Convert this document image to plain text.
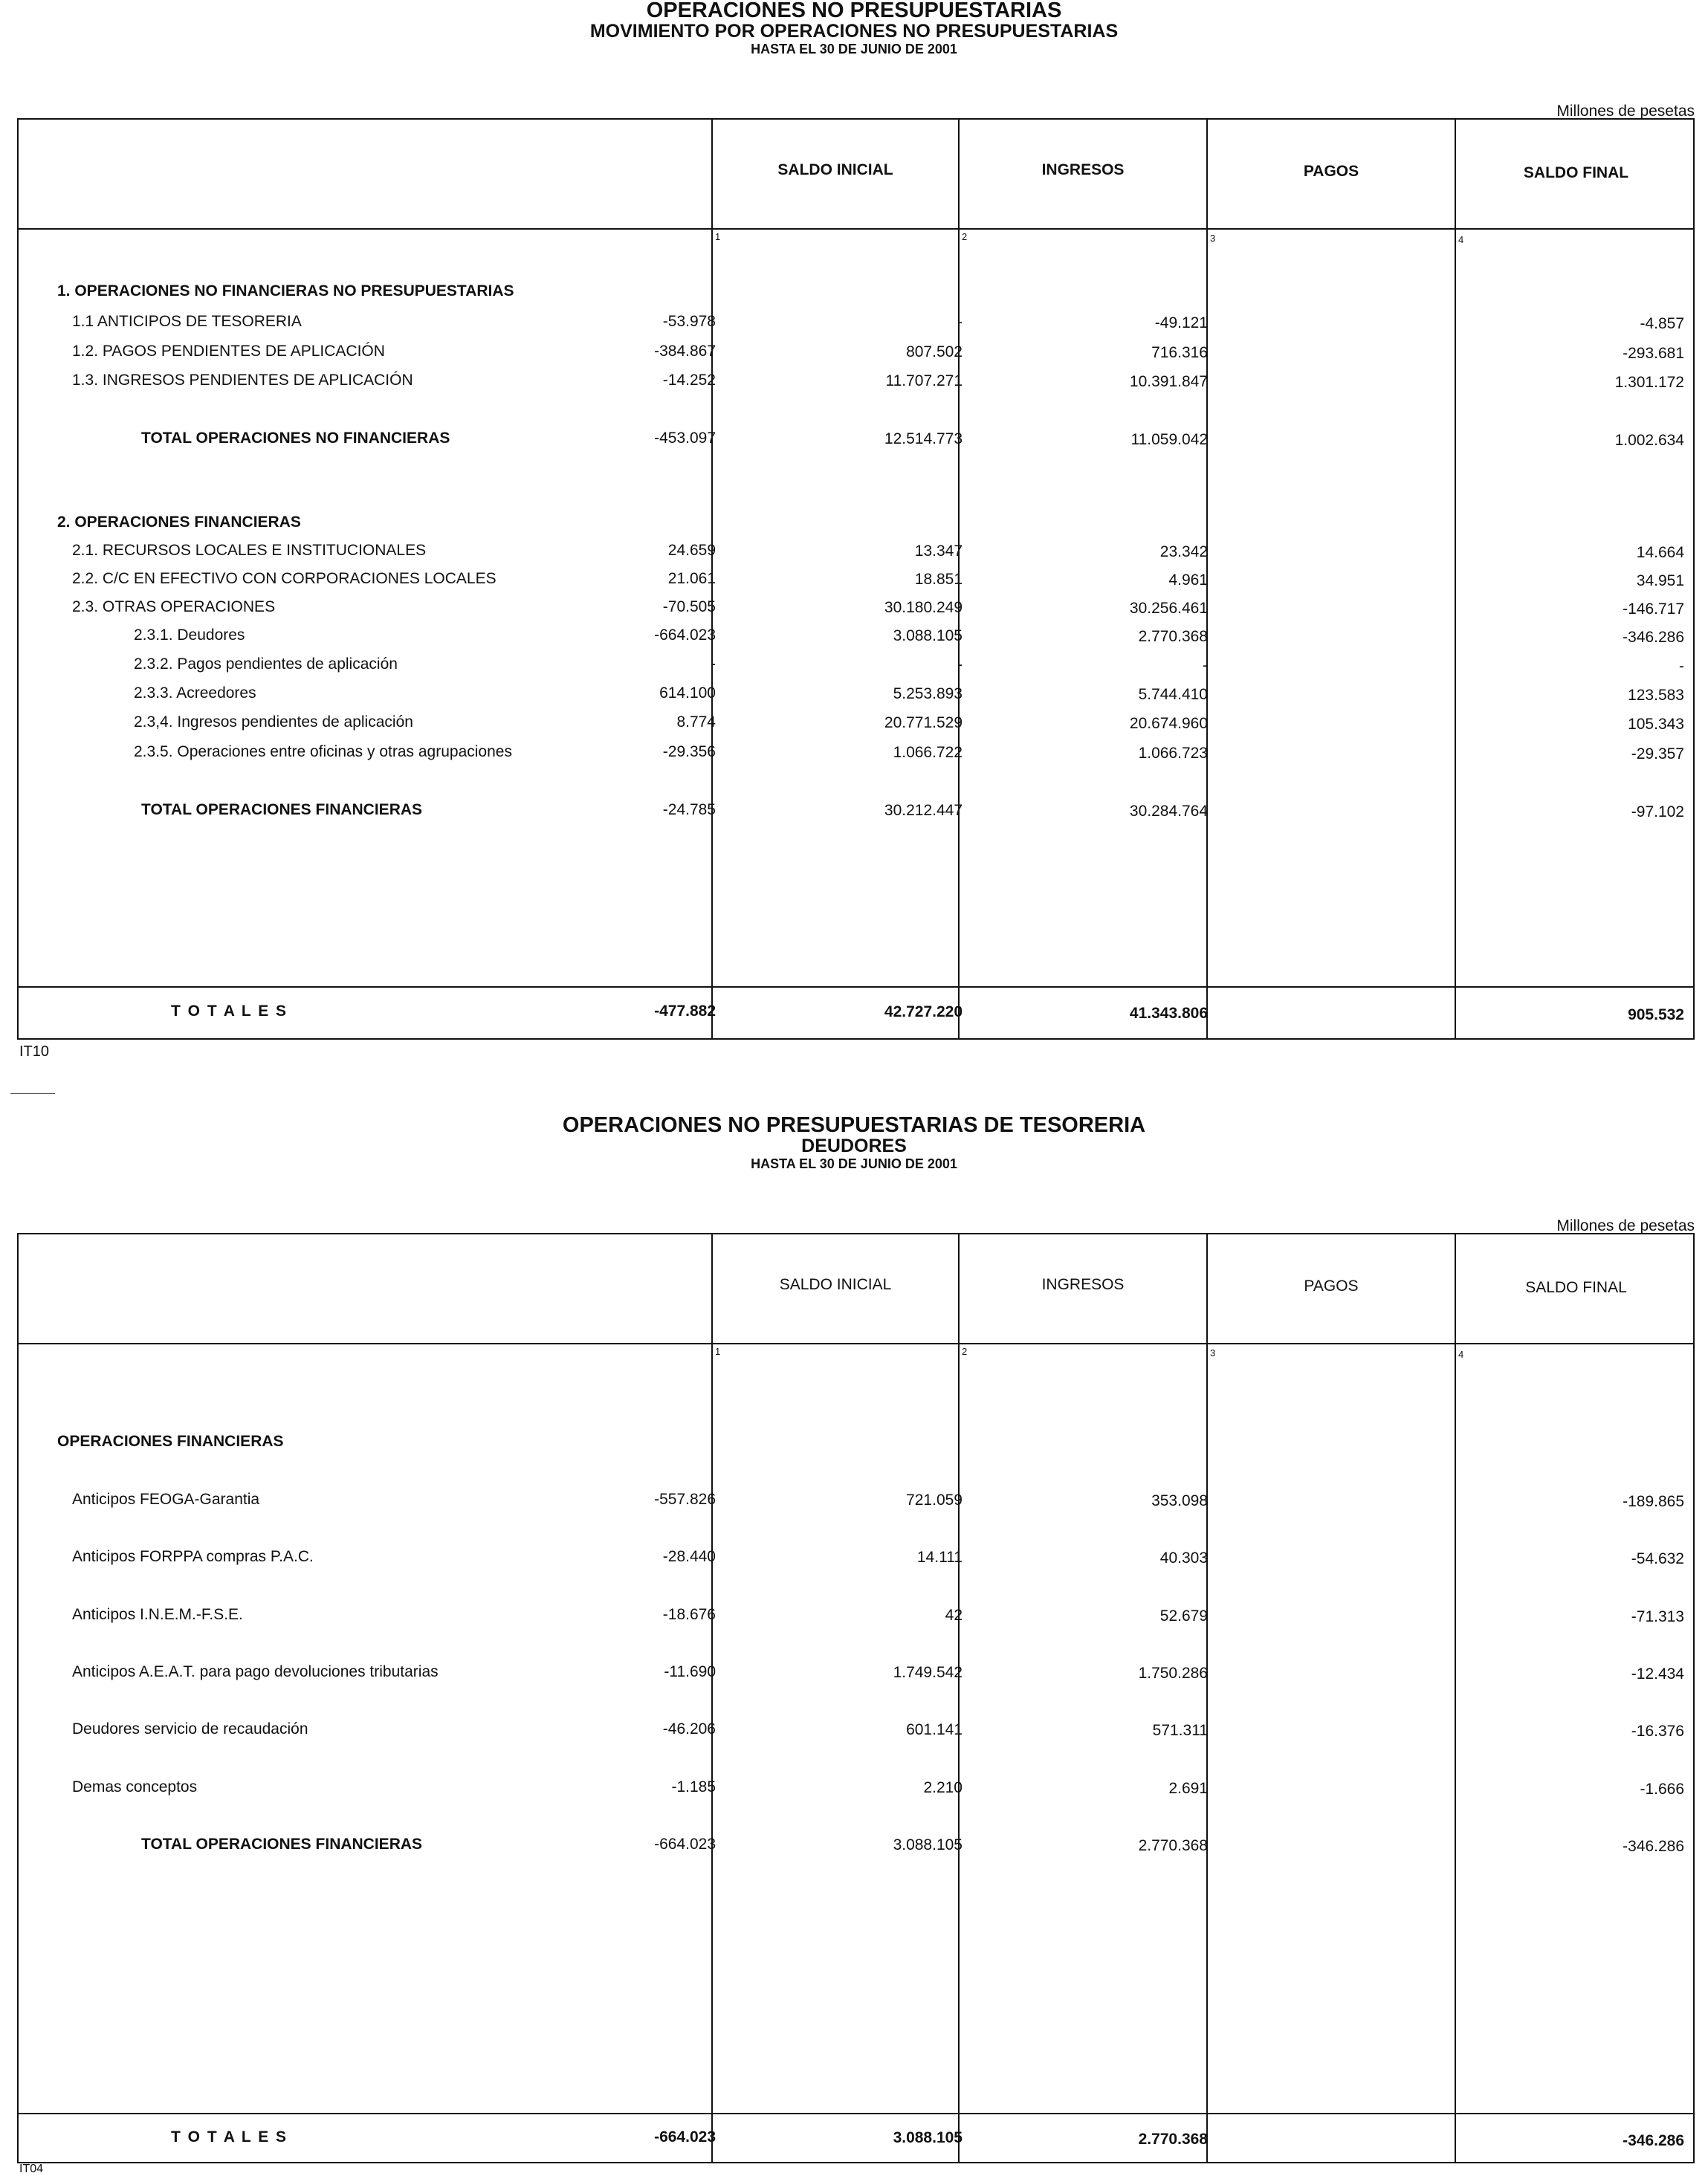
OPERACIONES NO PRESUPUESTARIAS
MOVIMIENTO POR OPERACIONES NO PRESUPUESTARIAS
HASTA EL 30 DE JUNIO DE 2001
Millones de pesetas
SALDO INICIAL	INGRESOS	PAGOS	SALDO FINAL
1	2	3	4
T O T A L E S	-477.882	42.727.220	41.343.806	905.532
1. OPERACIONES NO FINANCIERAS NO PRESUPUESTARIAS
1.1 ANTICIPOS DE TESORERIA	-53.978	-	-49.121	-4.857
1.2. PAGOS PENDIENTES DE APLICACIÓN	-384.867	807.502	716.316	-293.681
1.3. INGRESOS PENDIENTES DE APLICACIÓN	-14.252	11.707.271	10.391.847	1.301.172
TOTAL OPERACIONES NO FINANCIERAS	-453.097	12.514.773	11.059.042	1.002.634
2. OPERACIONES FINANCIERAS
2.1. RECURSOS LOCALES E INSTITUCIONALES	24.659	13.347	23.342	14.664
2.2. C/C EN EFECTIVO CON CORPORACIONES LOCALES	21.061	18.851	4.961	34.951
2.3. OTRAS OPERACIONES	-70.505	30.180.249	30.256.461	-146.717
2.3.1. Deudores	-664.023	3.088.105	2.770.368	-346.286
2.3.2. Pagos pendientes de aplicación	-	-	-	-
2.3.3. Acreedores	614.100	5.253.893	5.744.410	123.583
2.3,4. Ingresos pendientes de aplicación	8.774	20.771.529	20.674.960	105.343
2.3.5. Operaciones entre oficinas y otras agrupaciones	-29.356	1.066.722	1.066.723	-29.357
TOTAL OPERACIONES FINANCIERAS	-24.785	30.212.447	30.284.764	-97.102
IT10
OPERACIONES NO PRESUPUESTARIAS DE TESORERIA
DEUDORES
HASTA EL 30 DE JUNIO DE 2001
Millones de pesetas
SALDO INICIAL	INGRESOS	PAGOS	SALDO FINAL
1	2	3	4
T O T A L E S	-664.023	3.088.105	2.770.368	-346.286
OPERACIONES FINANCIERAS
Anticipos FEOGA-Garantia	-557.826	721.059	353.098	-189.865
Anticipos FORPPA compras P.A.C.	-28.440	14.111	40.303	-54.632
Anticipos I.N.E.M.-F.S.E.	-18.676	42	52.679	-71.313
Anticipos A.E.A.T. para pago devoluciones tributarias	-11.690	1.749.542	1.750.286	-12.434
Deudores servicio de recaudación	-46.206	601.141	571.311	-16.376
Demas conceptos	-1.185	2.210	2.691	-1.666
TOTAL OPERACIONES FINANCIERAS	-664.023	3.088.105	2.770.368	-346.286
IT04
